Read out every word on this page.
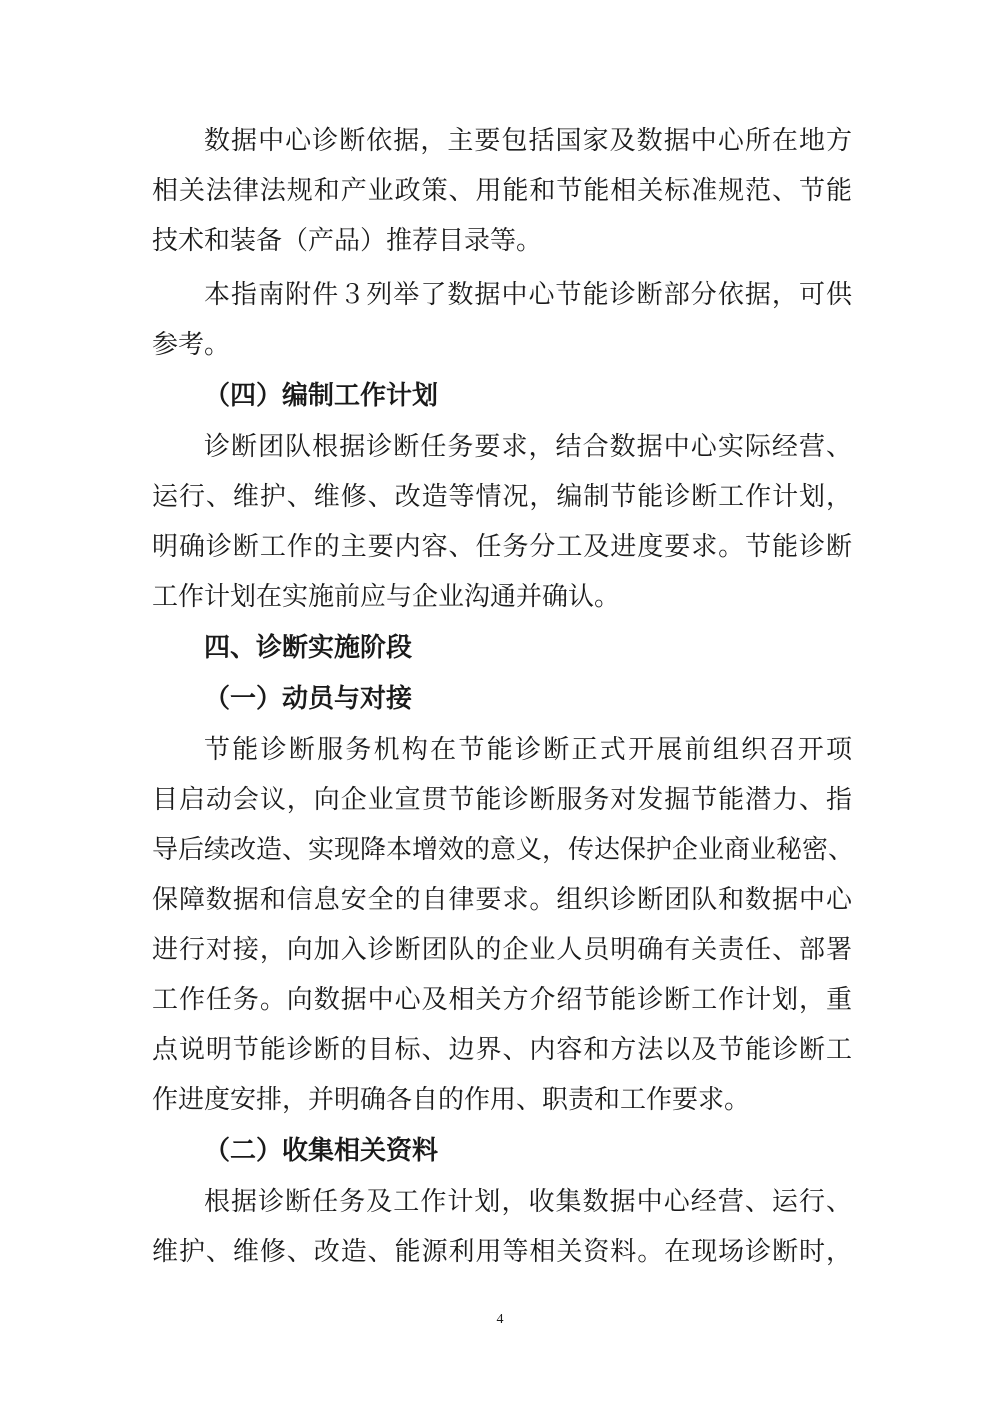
数据中心诊断依据，主要包括国家及数据中心所在地方
相关法律法规和产业政策、用能和节能相关标准规范、节能
技术和装备（产品）推荐目录等。
本指南附件３列举了数据中心节能诊断部分依据，可供
参考。
（四）编制工作计划
诊断团队根据诊断任务要求，结合数据中心实际经营、
运行、维护、维修、改造等情况，编制节能诊断工作计划，
明确诊断工作的主要内容、任务分工及进度要求。节能诊断
工作计划在实施前应与企业沟通并确认。
四、诊断实施阶段
（一）动员与对接
节能诊断服务机构在节能诊断正式开展前组织召开项
目启动会议，向企业宣贯节能诊断服务对发掘节能潜力、指
导后续改造、实现降本增效的意义，传达保护企业商业秘密、
保障数据和信息安全的自律要求。组织诊断团队和数据中心
进行对接，向加入诊断团队的企业人员明确有关责任、部署
工作任务。向数据中心及相关方介绍节能诊断工作计划，重
点说明节能诊断的目标、边界、内容和方法以及节能诊断工
作进度安排，并明确各自的作用、职责和工作要求。
（二）收集相关资料
根据诊断任务及工作计划，收集数据中心经营、运行、
维护、维修、改造、能源利用等相关资料。在现场诊断时，
4
